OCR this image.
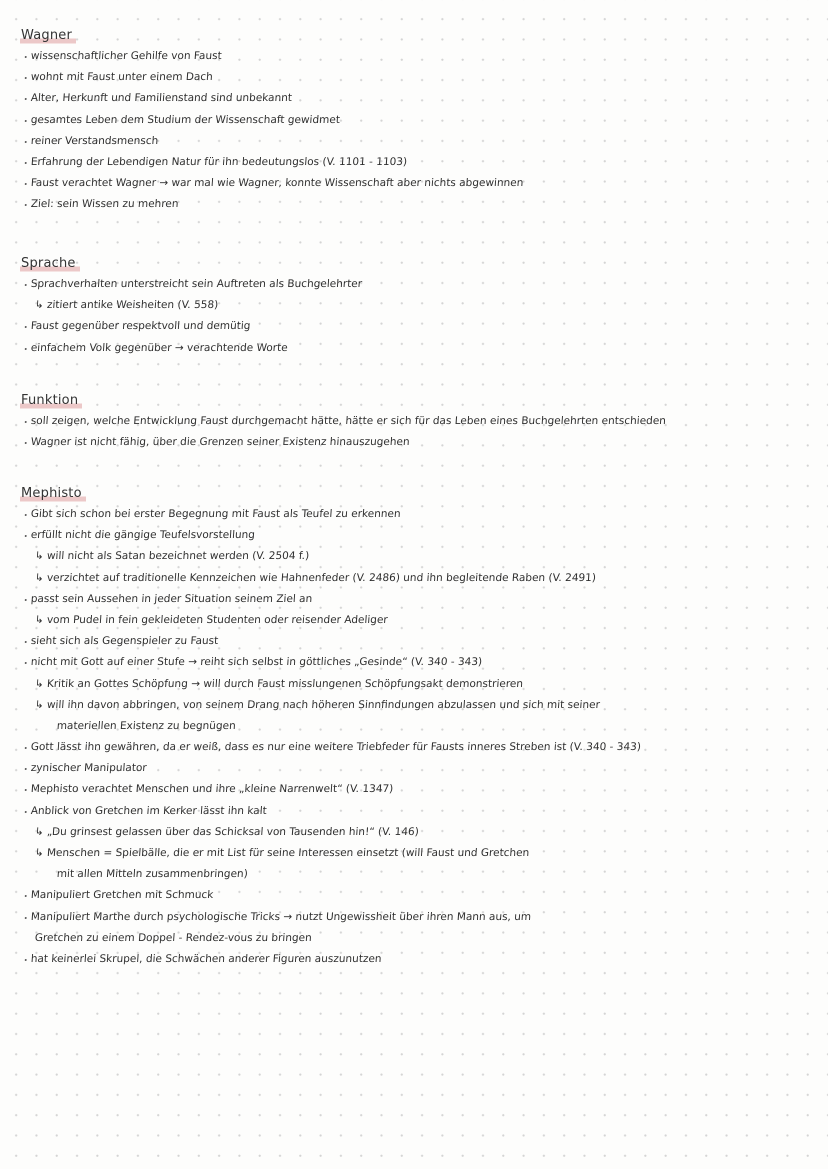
Wagner
wissenschaftlicher Gehilfe von Faust
wohnt mit Faust unter einem Dach
Alter, Herkunft und Familienstand sind unbekannt
gesamtes Leben dem Studium der Wissenschaft gewidmet
reiner Verstandsmensch
Erfahrung der Lebendigen Natur für ihn bedeutungslos (V. 1101 - 1103)
Faust verachtet Wagner → war mal wie Wagner, konnte Wissenschaft aber nichts abgewinnen
Ziel: sein Wissen zu mehren
Sprache
Sprachverhalten unterstreicht sein Auftreten als Buchgelehrter
↳ zitiert antike Weisheiten (V. 558)
Faust gegenüber respektvoll und demütig
einfachem Volk gegenüber → verachtende Worte
Funktion
soll zeigen, welche Entwicklung Faust durchgemacht hätte, hätte er sich für das Leben eines Buchgelehrten entschieden
Wagner ist nicht fähig, über die Grenzen seiner Existenz hinauszugehen
Mephisto
Gibt sich schon bei erster Begegnung mit Faust als Teufel zu erkennen
erfüllt nicht die gängige Teufelsvorstellung
↳ will nicht als Satan bezeichnet werden (V. 2504 f.)
↳ verzichtet auf traditionelle Kennzeichen wie Hahnenfeder (V. 2486) und ihn begleitende Raben (V. 2491)
passt sein Aussehen in jeder Situation seinem Ziel an
↳ vom Pudel in fein gekleideten Studenten oder reisender Adeliger
sieht sich als Gegenspieler zu Faust
nicht mit Gott auf einer Stufe → reiht sich selbst in göttliches „Gesinde“ (V. 340 - 343)
↳ Kritik an Gottes Schöpfung → will durch Faust misslungenen Schöpfungsakt demonstrieren
↳ will ihn davon abbringen, von seinem Drang nach höheren Sinnfindungen abzulassen und sich mit seiner
materiellen Existenz zu begnügen
Gott lässt ihn gewähren, da er weiß, dass es nur eine weitere Triebfeder für Fausts inneres Streben ist (V. 340 - 343)
zynischer Manipulator
Mephisto verachtet Menschen und ihre „kleine Narrenwelt“ (V. 1347)
Anblick von Gretchen im Kerker lässt ihn kalt
↳ „Du grinsest gelassen über das Schicksal von Tausenden hin!“ (V. 146)
↳ Menschen = Spielbälle, die er mit List für seine Interessen einsetzt (will Faust und Gretchen
mit allen Mitteln zusammenbringen)
Manipuliert Gretchen mit Schmuck
Manipuliert Marthe durch psychologische Tricks → nutzt Ungewissheit über ihren Mann aus, um
Gretchen zu einem Doppel - Rendez-vous zu bringen
hat keinerlei Skrupel, die Schwächen anderer Figuren auszunutzen
